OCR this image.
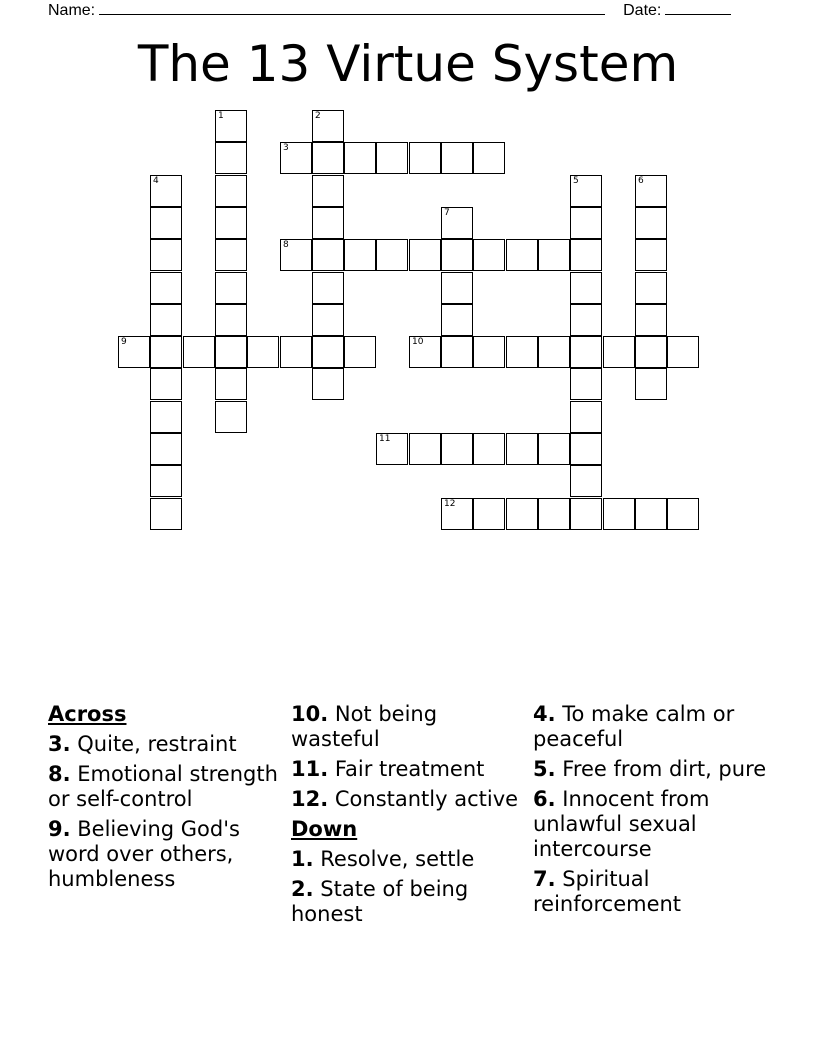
Name:	Date:
The 13 Virtue System
1	2
3
4	5	6
7
8
9	10
11
12
Across
3. Quite, restraint
8. Emotional strength or self-control
9. Believing God's word over others, humbleness
10. Not being wasteful
11. Fair treatment
12. Constantly active
Down
1. Resolve, settle
2. State of being honest
4. To make calm or peaceful
5. Free from dirt, pure
6. Innocent from unlawful sexual intercourse
7. Spiritual reinforcement
